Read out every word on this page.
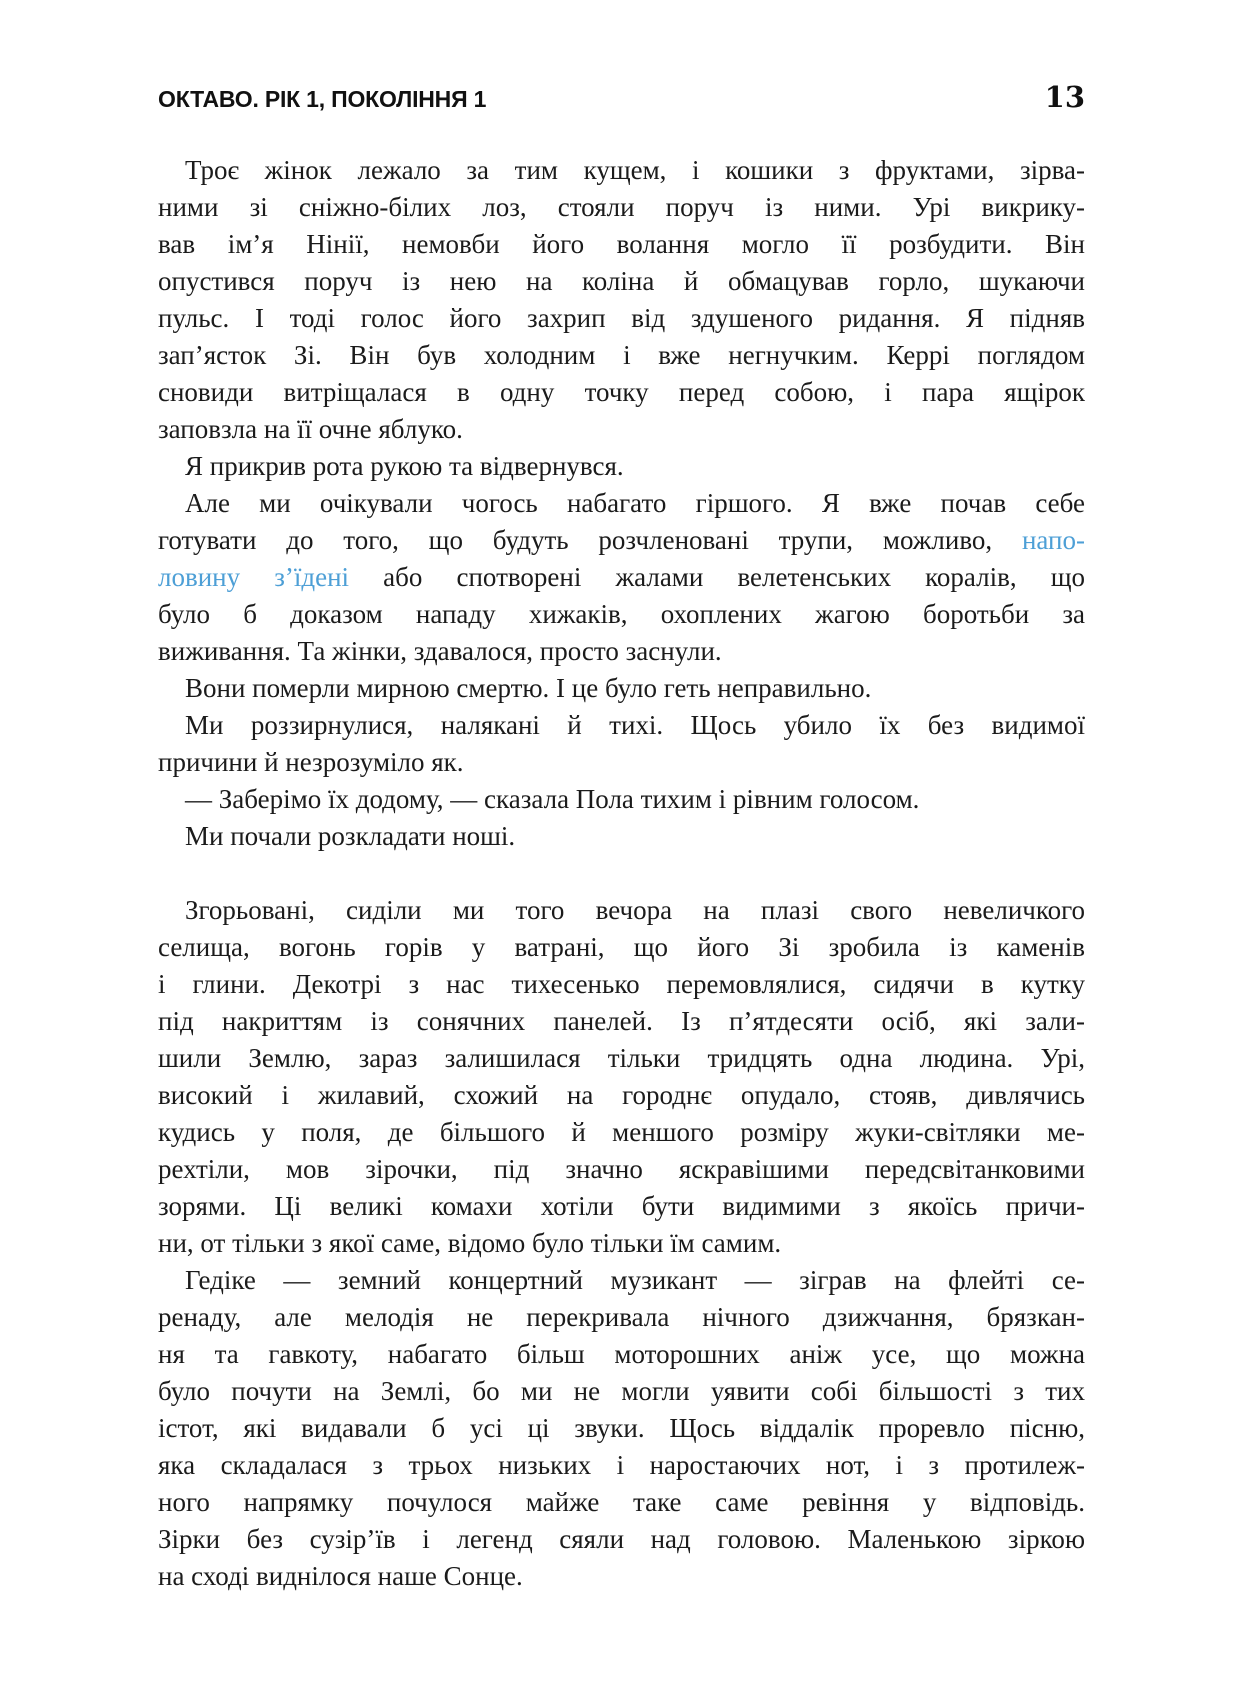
ОКТАВО. РІК 1, ПОКОЛІННЯ 1	13
Троє жінок лежало за тим кущем, і кошики з фруктами, зірва-
ними зі сніжно-білих лоз, стояли поруч із ними. Урі викрику-
вав ім’я Нінії, немовби його волання могло її розбудити. Він
опустився поруч із нею на коліна й обмацував горло, шукаючи
пульс. І тоді голос його захрип від здушеного ридання. Я підняв
зап’ясток Зі. Він був холодним і вже негнучким. Керрі поглядом
сновиди витріщалася в одну точку перед собою, і пара ящірок
заповзла на її очне яблуко.
Я прикрив рота рукою та відвернувся.
Але ми очікували чогось набагато гіршого. Я вже почав себе
готувати до того, що будуть розчленовані трупи, можливо, напо-
ловину з’їдені або спотворені жалами велетенських коралів, що
було б доказом нападу хижаків, охоплених жагою боротьби за
виживання. Та жінки, здавалося, просто заснули.
Вони померли мирною смертю. І це було геть неправильно.
Ми роззирнулися, налякані й тихі. Щось убило їх без видимої
причини й незрозуміло як.
— Заберімо їх додому, — сказала Пола тихим і рівним голосом.
Ми почали розкладати ноші.
Згорьовані, сиділи ми того вечора на плазі свого невеличкого
селища, вогонь горів у ватрані, що його Зі зробила із каменів
і глини. Декотрі з нас тихесенько перемовлялися, сидячи в кутку
під накриттям із сонячних панелей. Із п’ятдесяти осіб, які зали-
шили Землю, зараз залишилася тільки тридцять одна людина. Урі,
високий і жилавий, схожий на городнє опудало, стояв, дивлячись
кудись у поля, де більшого й меншого розміру жуки-світляки ме-
рехтіли, мов зірочки, під значно яскравішими передсвітанковими
зорями. Ці великі комахи хотіли бути видимими з якоїсь причи-
ни, от тільки з якої саме, відомо було тільки їм самим.
Гедіке — земний концертний музикант — зіграв на флейті се-
ренаду, але мелодія не перекривала нічного дзижчання, брязкан-
ня та гавкоту, набагато більш моторошних аніж усе, що можна
було почути на Землі, бо ми не могли уявити собі більшості з тих
істот, які видавали б усі ці звуки. Щось віддалік проревло пісню,
яка складалася з трьох низьких і наростаючих нот, і з протилеж-
ного напрямку почулося майже таке саме ревіння у відповідь.
Зірки без сузір’їв і легенд сяяли над головою. Маленькою зіркою
на сході виднілося наше Сонце.
